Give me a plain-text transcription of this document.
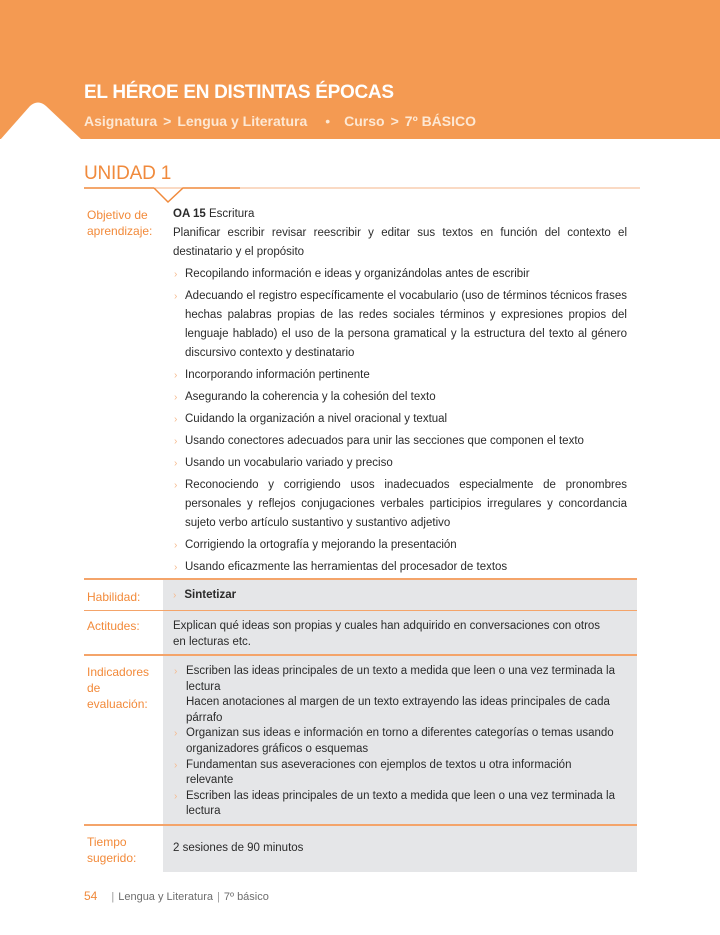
EL HÉROE EN DISTINTAS ÉPOCAS
Asignatura > Lengua y Literatura • Curso > 7º BÁSICO
UNIDAD 1
Objetivo de
aprendizaje:
OA 15 Escritura
Planificar escribir revisar reescribir y editar sus textos en función del contexto el destinatario y el propósito
› Recopilando información e ideas y organizándolas antes de escribir
› Adecuando el registro específicamente el vocabulario (uso de términos técnicos frases hechas palabras propias de las redes sociales términos y expresiones propios del lenguaje hablado) el uso de la persona gramatical y la estructura del texto al género discursivo contexto y destinatario
› Incorporando información pertinente
› Asegurando la coherencia y la cohesión del texto
› Cuidando la organización a nivel oracional y textual
› Usando conectores adecuados para unir las secciones que componen el texto
› Usando un vocabulario variado y preciso
› Reconociendo y corrigiendo usos inadecuados especialmente de pronombres personales y reflejos conjugaciones verbales participios irregulares y concordancia sujeto verbo artículo sustantivo y sustantivo adjetivo
› Corrigiendo la ortografía y mejorando la presentación
› Usando eficazmente las herramientas del procesador de textos
Habilidad:	› Sintetizar
Actitudes:	Explican qué ideas son propias y cuales han adquirido en conversaciones con otros en lecturas etc.
Indicadores
de
evaluación:
› Escriben las ideas principales de un texto a medida que leen o una vez terminada la lectura
Hacen anotaciones al margen de un texto extrayendo las ideas principales de cada párrafo
› Organizan sus ideas e información en torno a diferentes categorías o temas usando organizadores gráficos o esquemas
› Fundamentan sus aseveraciones con ejemplos de textos u otra información relevante
› Escriben las ideas principales de un texto a medida que leen o una vez terminada la lectura
Tiempo
sugerido:
2 sesiones de 90 minutos
54 | Lengua y Literatura | 7º básico
